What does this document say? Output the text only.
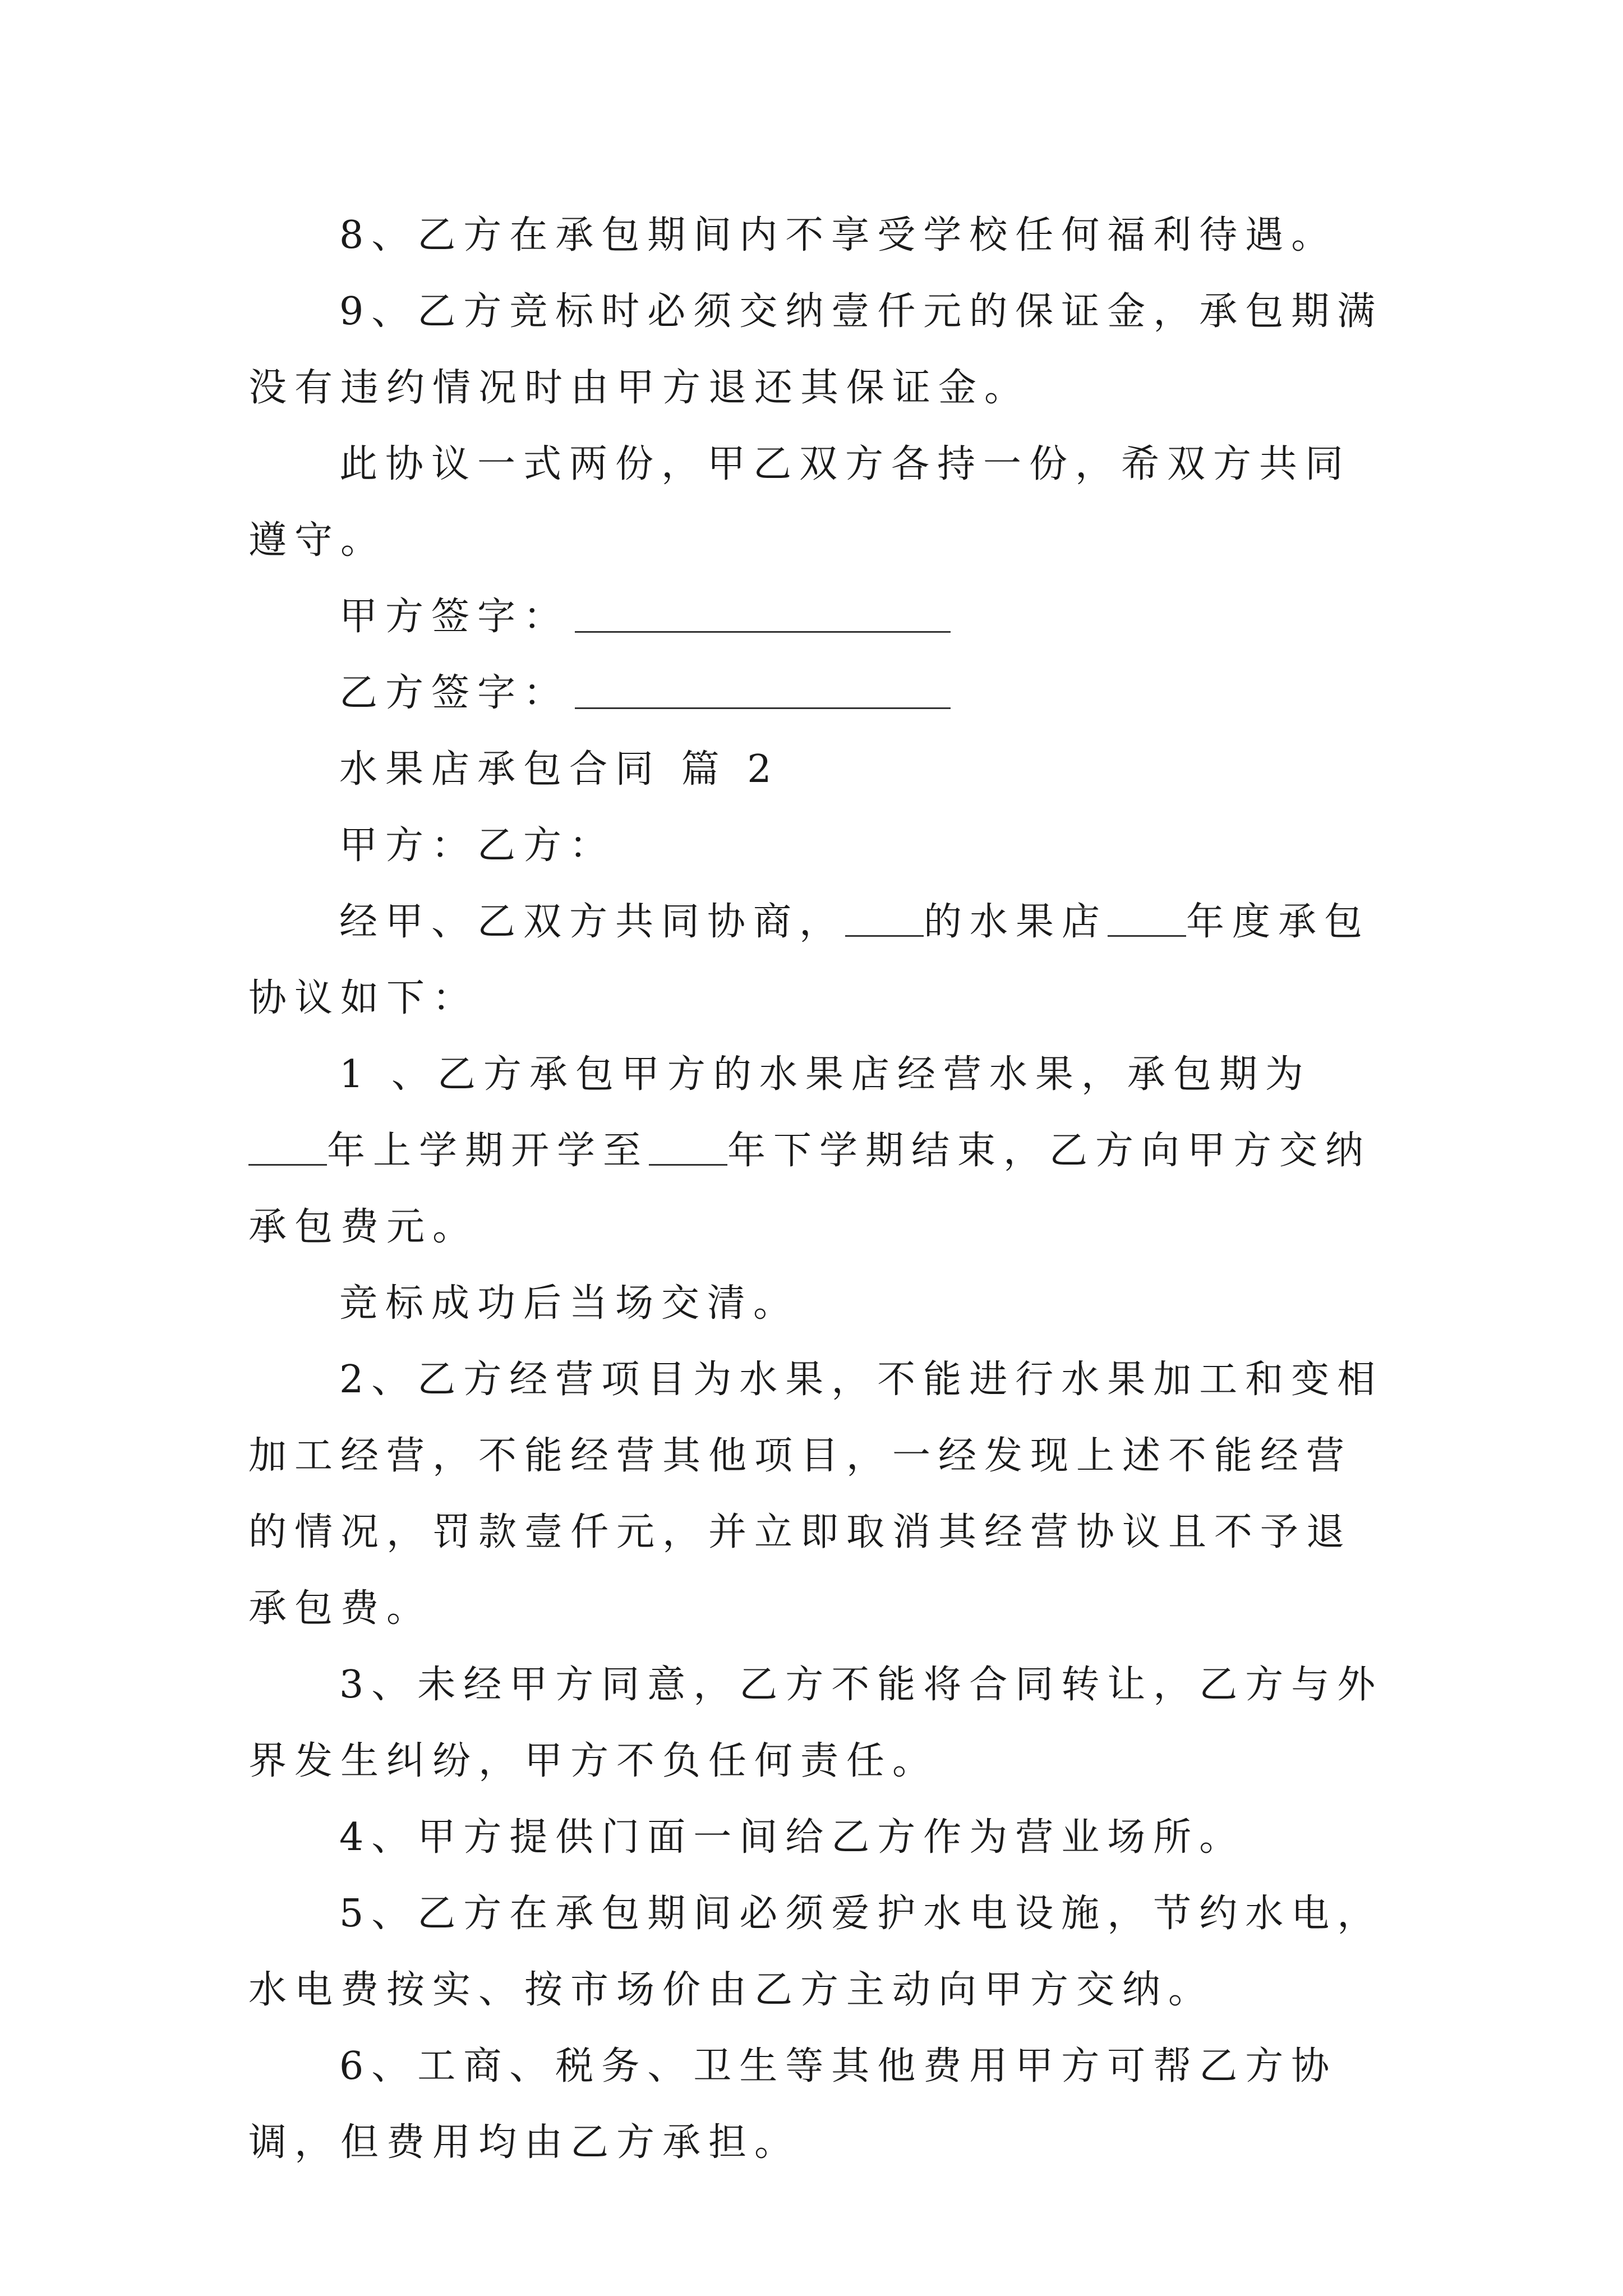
8、乙方在承包期间内不享受学校任何福利待遇。

9、乙方竞标时必须交纳壹仟元的保证金，承包期满没有违约情况时由甲方退还其保证金。

此协议一式两份，甲乙双方各持一份，希双方共同遵守。

甲方签字：

乙方签字：

水果店承包合同 篇 2

甲方：乙方：

经甲、乙双方共同协商， 的水果店 年度承包协议如下：

1 、乙方承包甲方的水果店经营水果，承包期为年上学期开学至 年下学期结束，乙方向甲方交纳承包费元。

竞标成功后当场交清。

2、乙方经营项目为水果，不能进行水果加工和变相加工经营，不能经营其他项目，一经发现上述不能经营的情况，罚款壹仟元，并立即取消其经营协议且不予退承包费。

3、未经甲方同意，乙方不能将合同转让，乙方与外界发生纠纷，甲方不负任何责任。

4、甲方提供门面一间给乙方作为营业场所。

5、乙方在承包期间必须爱护水电设施，节约水电，水电费按实、按市场价由乙方主动向甲方交纳。

6、工商、税务、卫生等其他费用甲方可帮乙方协调，但费用均由乙方承担。
